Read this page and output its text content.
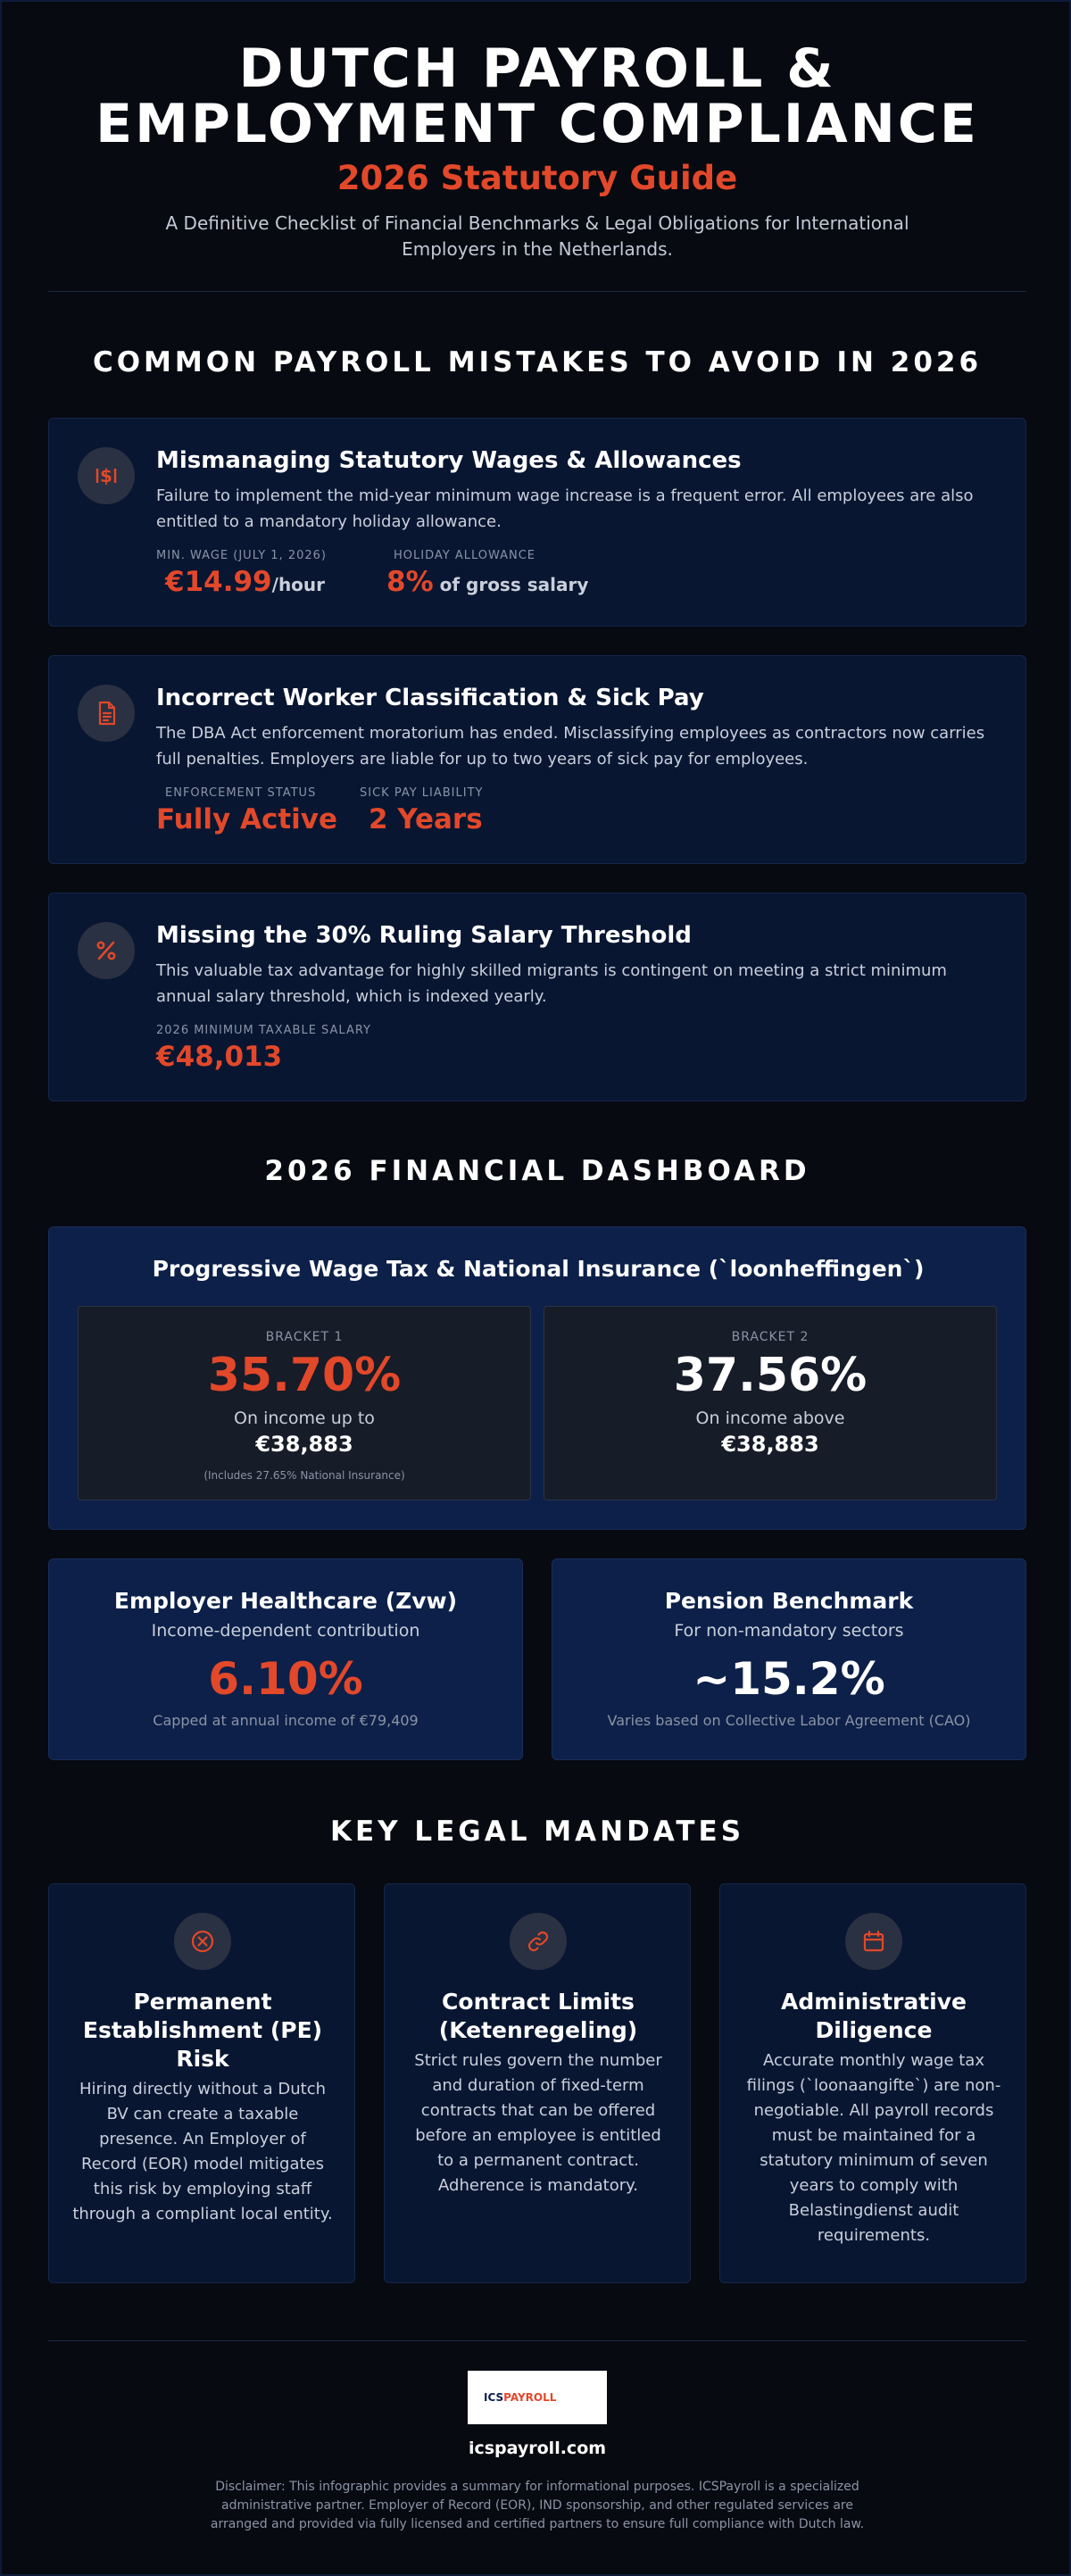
DUTCH PAYROLL &
EMPLOYMENT COMPLIANCE
2026 Statutory Guide
A Definitive Checklist of Financial Benchmarks & Legal Obligations for International Employers in the Netherlands.
COMMON PAYROLL MISTAKES TO AVOID IN 2026
$
Mismanaging Statutory Wages & Allowances

Failure to implement the mid-year minimum wage increase is a frequent error. All employees are also entitled to a mandatory holiday allowance.

MIN. WAGE (JULY 1, 2026)
€14.99/hour
HOLIDAY ALLOWANCE
8% of gross salary
Incorrect Worker Classification & Sick Pay

The DBA Act enforcement moratorium has ended. Misclassifying employees as contractors now carries full penalties. Employers are liable for up to two years of sick pay for employees.

ENFORCEMENT STATUS
Fully Active
SICK PAY LIABILITY
2 Years
Missing the 30% Ruling Salary Threshold

This valuable tax advantage for highly skilled migrants is contingent on meeting a strict minimum annual salary threshold, which is indexed yearly.

2026 MINIMUM TAXABLE SALARY
€48,013
2026 FINANCIAL DASHBOARD
Progressive Wage Tax & National Insurance (`loonheffingen`)
BRACKET 1
35.70%
On income up to
€38,883
(Includes 27.65% National Insurance)
BRACKET 2
37.56%
On income above
€38,883
Employer Healthcare (Zvw)
Income-dependent contribution
6.10%
Capped at annual income of €79,409
Pension Benchmark
For non-mandatory sectors
~15.2%
Varies based on Collective Labor Agreement (CAO)
KEY LEGAL MANDATES
Permanent Establishment (PE) Risk

Hiring directly without a Dutch BV can create a taxable presence. An Employer of Record (EOR) model mitigates this risk by employing staff through a compliant local entity.

Contract Limits (Ketenregeling)

Strict rules govern the number and duration of fixed-term contracts that can be offered before an employee is entitled to a permanent contract. Adherence is mandatory.

Administrative Diligence

Accurate monthly wage tax filings (`loonaangifte`) are non-negotiable. All payroll records must be maintained for a statutory minimum of seven years to comply with Belastingdienst audit requirements.

ICS PAYROLL
icspayroll.com
Disclaimer: This infographic provides a summary for informational purposes. ICSPayroll is a specialized administrative partner. Employer of Record (EOR), IND sponsorship, and other regulated services are arranged and provided via fully licensed and certified partners to ensure full compliance with Dutch law.
